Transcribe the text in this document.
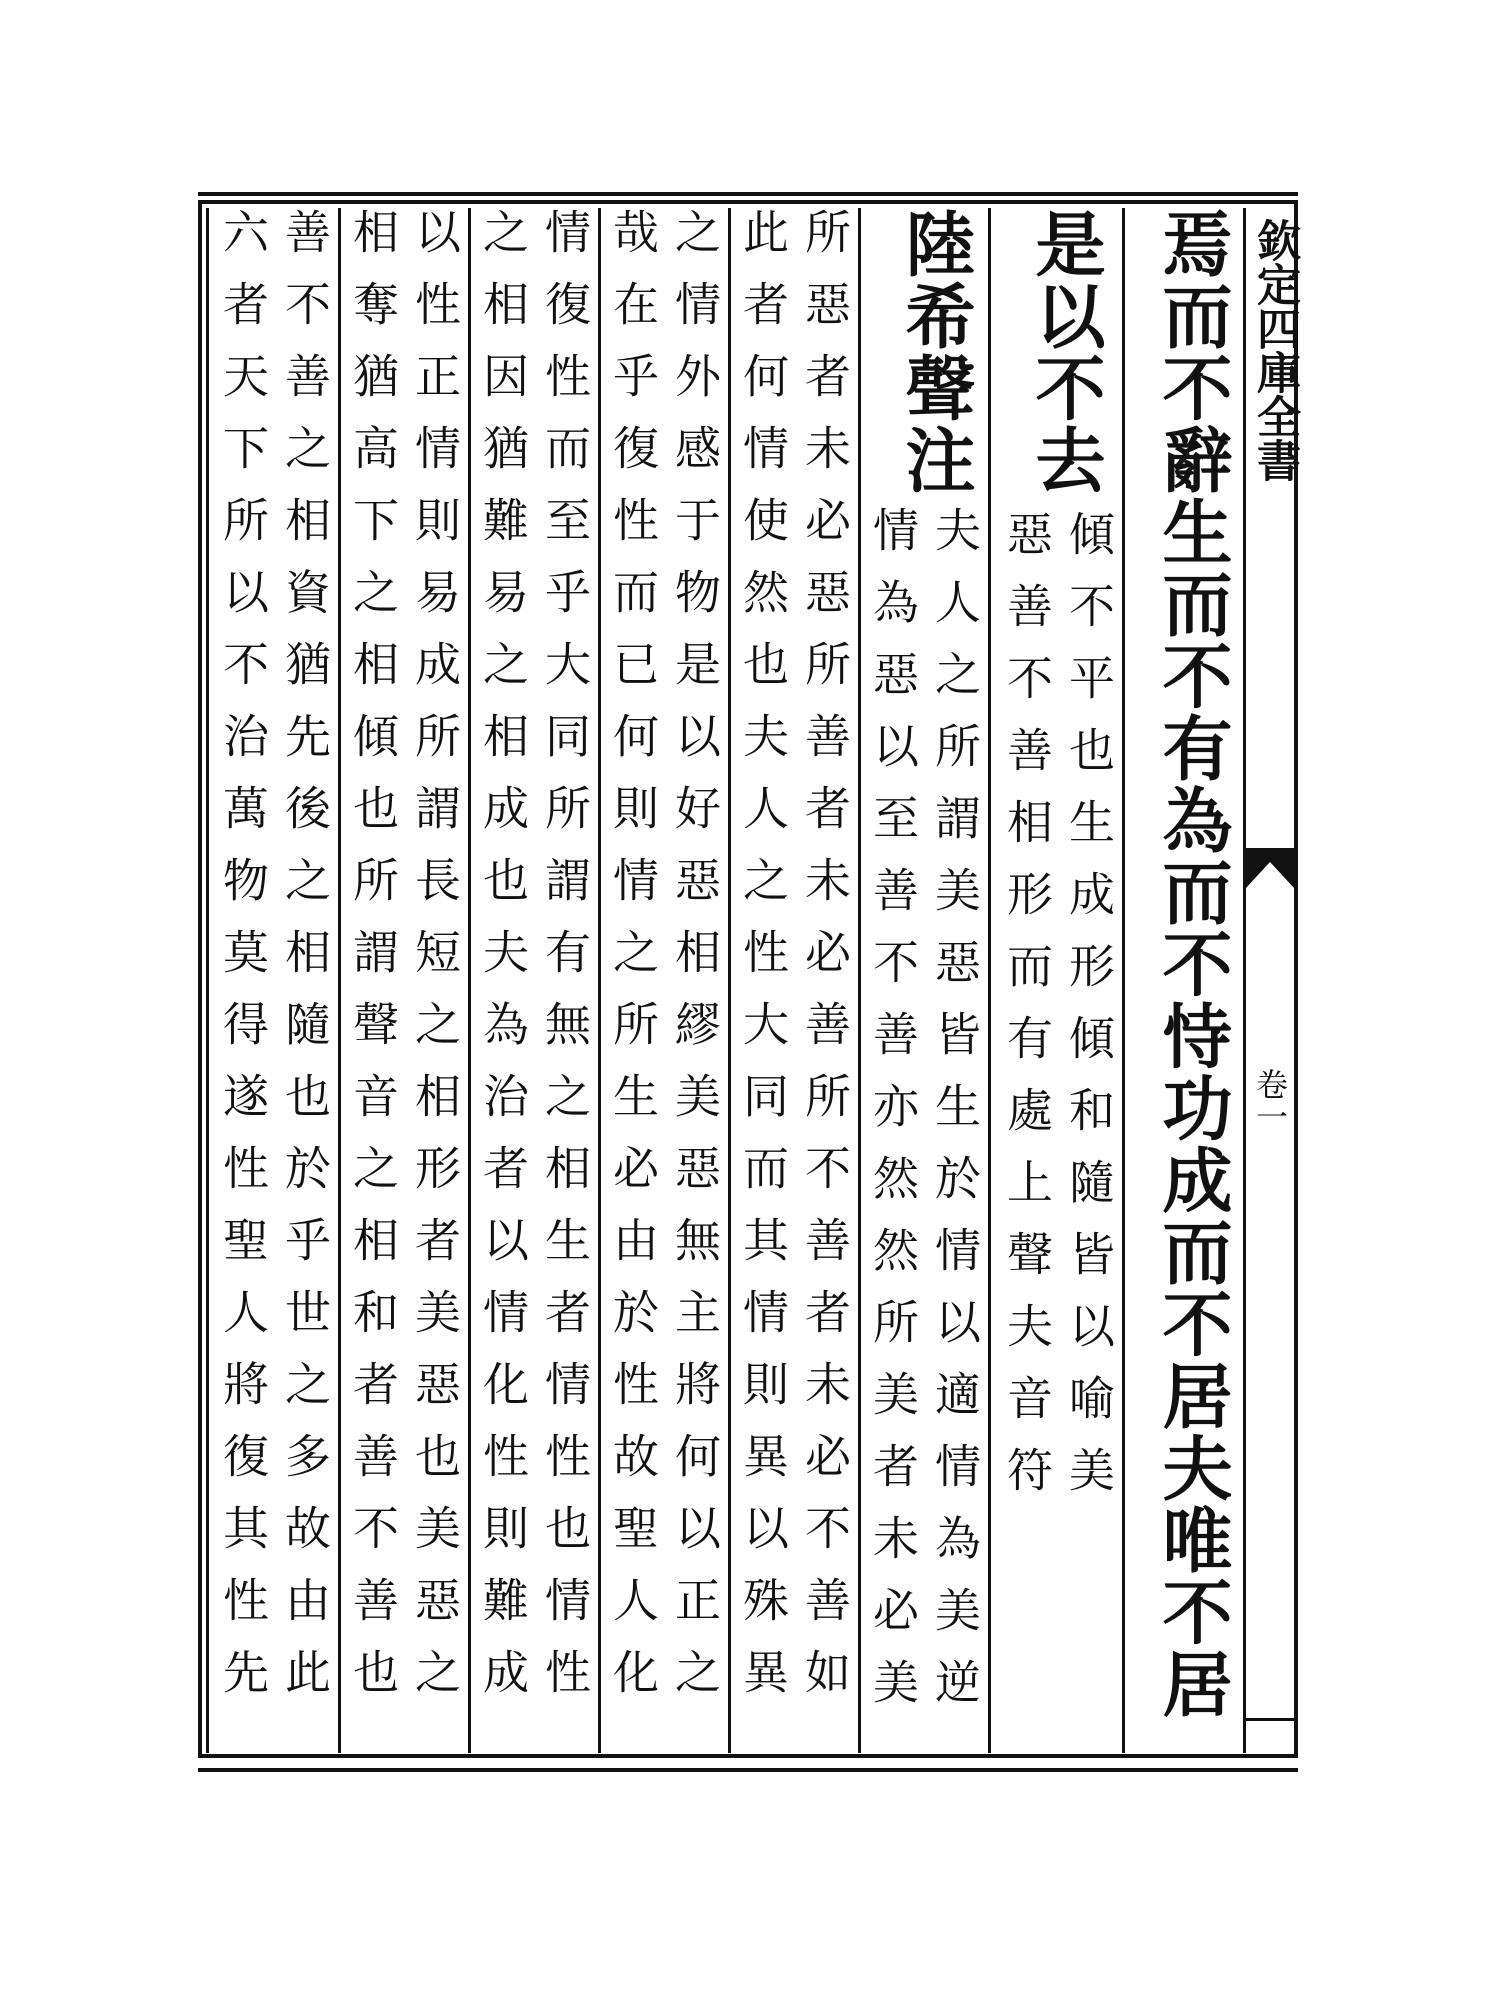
欽定四庫全書
卷一
焉而不辭生而不有為而不恃功成而不居夫唯不居
是以不去
傾不平也生成形傾和隨皆以喻美
惡善不善相形而有處上聲夫音符
陸希聲注
夫人之所謂美惡皆生於情以適情為美逆
情為惡以至善不善亦然然所美者未必美
所惡者未必惡所善者未必善所不善者未必不善如
此者何情使然也夫人之性大同而其情則異以殊異
之情外感于物是以好惡相繆美惡無主將何以正之
哉在乎復性而已何則情之所生必由於性故聖人化
情復性而至乎大同所謂有無之相生者情性也情性
之相因猶難易之相成也夫為治者以情化性則難成
以性正情則易成所謂長短之相形者美惡也美惡之
相奪猶高下之相傾也所謂聲音之相和者善不善也
善不善之相資猶先後之相隨也於乎世之多故由此
六者天下所以不治萬物莫得遂性聖人將復其性先
